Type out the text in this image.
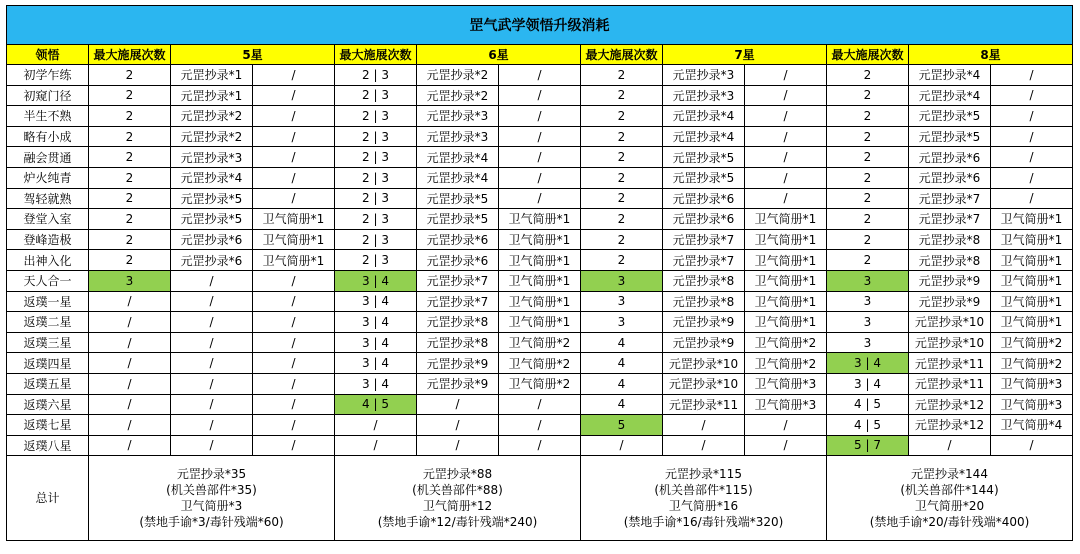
罡气武学领悟升级消耗												
领悟	最大施展次数	5星		最大施展次数	6星		最大施展次数	7星		最大施展次数	8星	
初学乍练	2	元罡抄录*1	/	2 | 3	元罡抄录*2	/	2	元罡抄录*3	/	2	元罡抄录*4	/
初窥门径	2	元罡抄录*1	/	2 | 3	元罡抄录*2	/	2	元罡抄录*3	/	2	元罡抄录*4	/
半生不熟	2	元罡抄录*2	/	2 | 3	元罡抄录*3	/	2	元罡抄录*4	/	2	元罡抄录*5	/
略有小成	2	元罡抄录*2	/	2 | 3	元罡抄录*3	/	2	元罡抄录*4	/	2	元罡抄录*5	/
融会贯通	2	元罡抄录*3	/	2 | 3	元罡抄录*4	/	2	元罡抄录*5	/	2	元罡抄录*6	/
炉火纯青	2	元罡抄录*4	/	2 | 3	元罡抄录*4	/	2	元罡抄录*5	/	2	元罡抄录*6	/
驾轻就熟	2	元罡抄录*5	/	2 | 3	元罡抄录*5	/	2	元罡抄录*6	/	2	元罡抄录*7	/
登堂入室	2	元罡抄录*5	卫气简册*1	2 | 3	元罡抄录*5	卫气简册*1	2	元罡抄录*6	卫气简册*1	2	元罡抄录*7	卫气简册*1
登峰造极	2	元罡抄录*6	卫气简册*1	2 | 3	元罡抄录*6	卫气简册*1	2	元罡抄录*7	卫气简册*1	2	元罡抄录*8	卫气简册*1
出神入化	2	元罡抄录*6	卫气简册*1	2 | 3	元罡抄录*6	卫气简册*1	2	元罡抄录*7	卫气简册*1	2	元罡抄录*8	卫气简册*1
天人合一	3	/	/	3 | 4	元罡抄录*7	卫气简册*1	3	元罡抄录*8	卫气简册*1	3	元罡抄录*9	卫气简册*1
返璞一星	/	/	/	3 | 4	元罡抄录*7	卫气简册*1	3	元罡抄录*8	卫气简册*1	3	元罡抄录*9	卫气简册*1
返璞二星	/	/	/	3 | 4	元罡抄录*8	卫气简册*1	3	元罡抄录*9	卫气简册*1	3	元罡抄录*10	卫气简册*1
返璞三星	/	/	/	3 | 4	元罡抄录*8	卫气简册*2	4	元罡抄录*9	卫气简册*2	3	元罡抄录*10	卫气简册*2
返璞四星	/	/	/	3 | 4	元罡抄录*9	卫气简册*2	4	元罡抄录*10	卫气简册*2	3 | 4	元罡抄录*11	卫气简册*2
返璞五星	/	/	/	3 | 4	元罡抄录*9	卫气简册*2	4	元罡抄录*10	卫气简册*3	3 | 4	元罡抄录*11	卫气简册*3
返璞六星	/	/	/	4 | 5	/	/	4	元罡抄录*11	卫气简册*3	4 | 5	元罡抄录*12	卫气简册*3
返璞七星	/	/	/	/	/	/	5	/	/	4 | 5	元罡抄录*12	卫气简册*4
返璞八星	/	/	/	/	/	/	/	/	/	5 | 7	/	/
总计	元罡抄录*35
(机关兽部件*35)
卫气简册*3
(禁地手谕*3/毒针残端*60)			元罡抄录*88
(机关兽部件*88)
卫气简册*12
(禁地手谕*12/毒针残端*240)			元罡抄录*115
(机关兽部件*115)
卫气简册*16
(禁地手谕*16/毒针残端*320)			元罡抄录*144
(机关兽部件*144)
卫气简册*20
(禁地手谕*20/毒针残端*400)		
